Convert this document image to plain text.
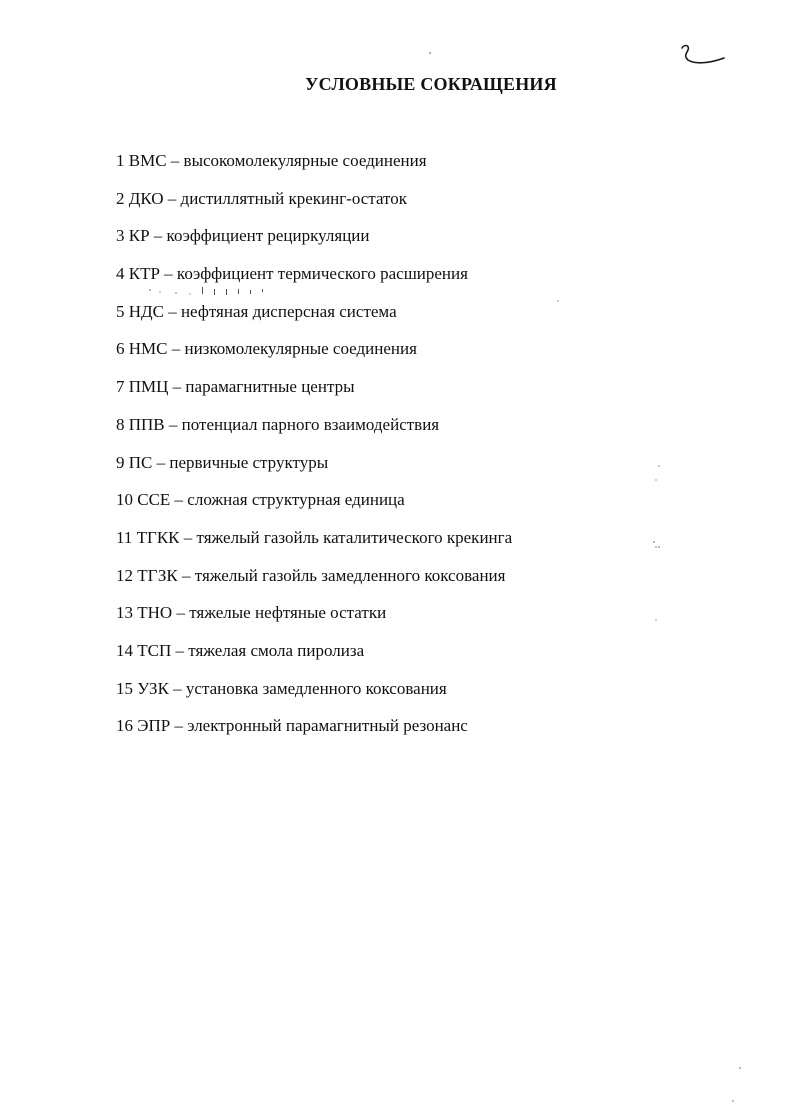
УСЛОВНЫЕ СОКРАЩЕНИЯ
1 ВМС – высокомолекулярные соединения
2 ДКО – дистиллятный крекинг-остаток
3 КР – коэффициент рециркуляции
4 КТР – коэффициент термического расширения
5 НДС – нефтяная дисперсная система
6 НМС – низкомолекулярные соединения
7 ПМЦ – парамагнитные центры
8 ППВ – потенциал парного взаимодействия
9 ПС – первичные структуры
10 ССЕ – сложная структурная единица
11 ТГКК – тяжелый газойль каталитического крекинга
12 ТГЗК – тяжелый газойль замедленного коксования
13 ТНО – тяжелые нефтяные остатки
14 ТСП – тяжелая смола пиролиза
15 УЗК – установка замедленного коксования
16 ЭПР – электронный парамагнитный резонанс
